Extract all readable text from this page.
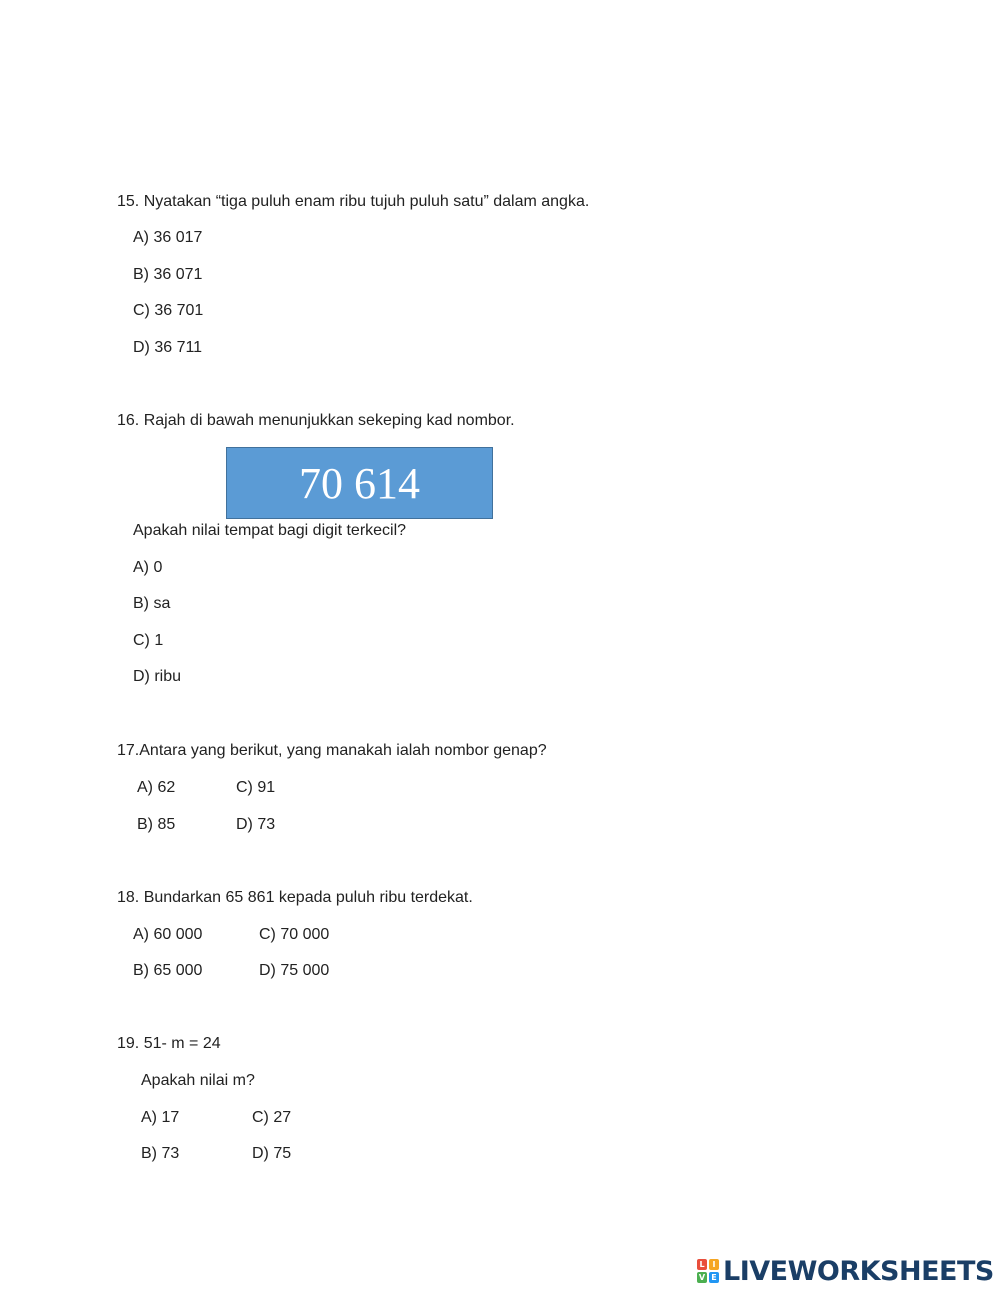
15. Nyatakan “tiga puluh enam ribu tujuh puluh satu” dalam angka.
A) 36 017
B) 36 071
C) 36 701
D) 36 711
16. Rajah di bawah menunjukkan sekeping kad nombor.
70 614
Apakah nilai tempat bagi digit terkecil?
A) 0
B) sa
C) 1
D) ribu
17.Antara yang berikut, yang manakah ialah nombor genap?
A) 62	C) 91
B) 85	D) 73
18. Bundarkan 65 861 kepada puluh ribu terdekat.
A) 60 000	C) 70 000
B) 65 000	D) 75 000
19. 51- m = 24
Apakah nilai m?
A) 17	C) 27
B) 73	D) 75
L I
V E LIVEWORKSHEETS
